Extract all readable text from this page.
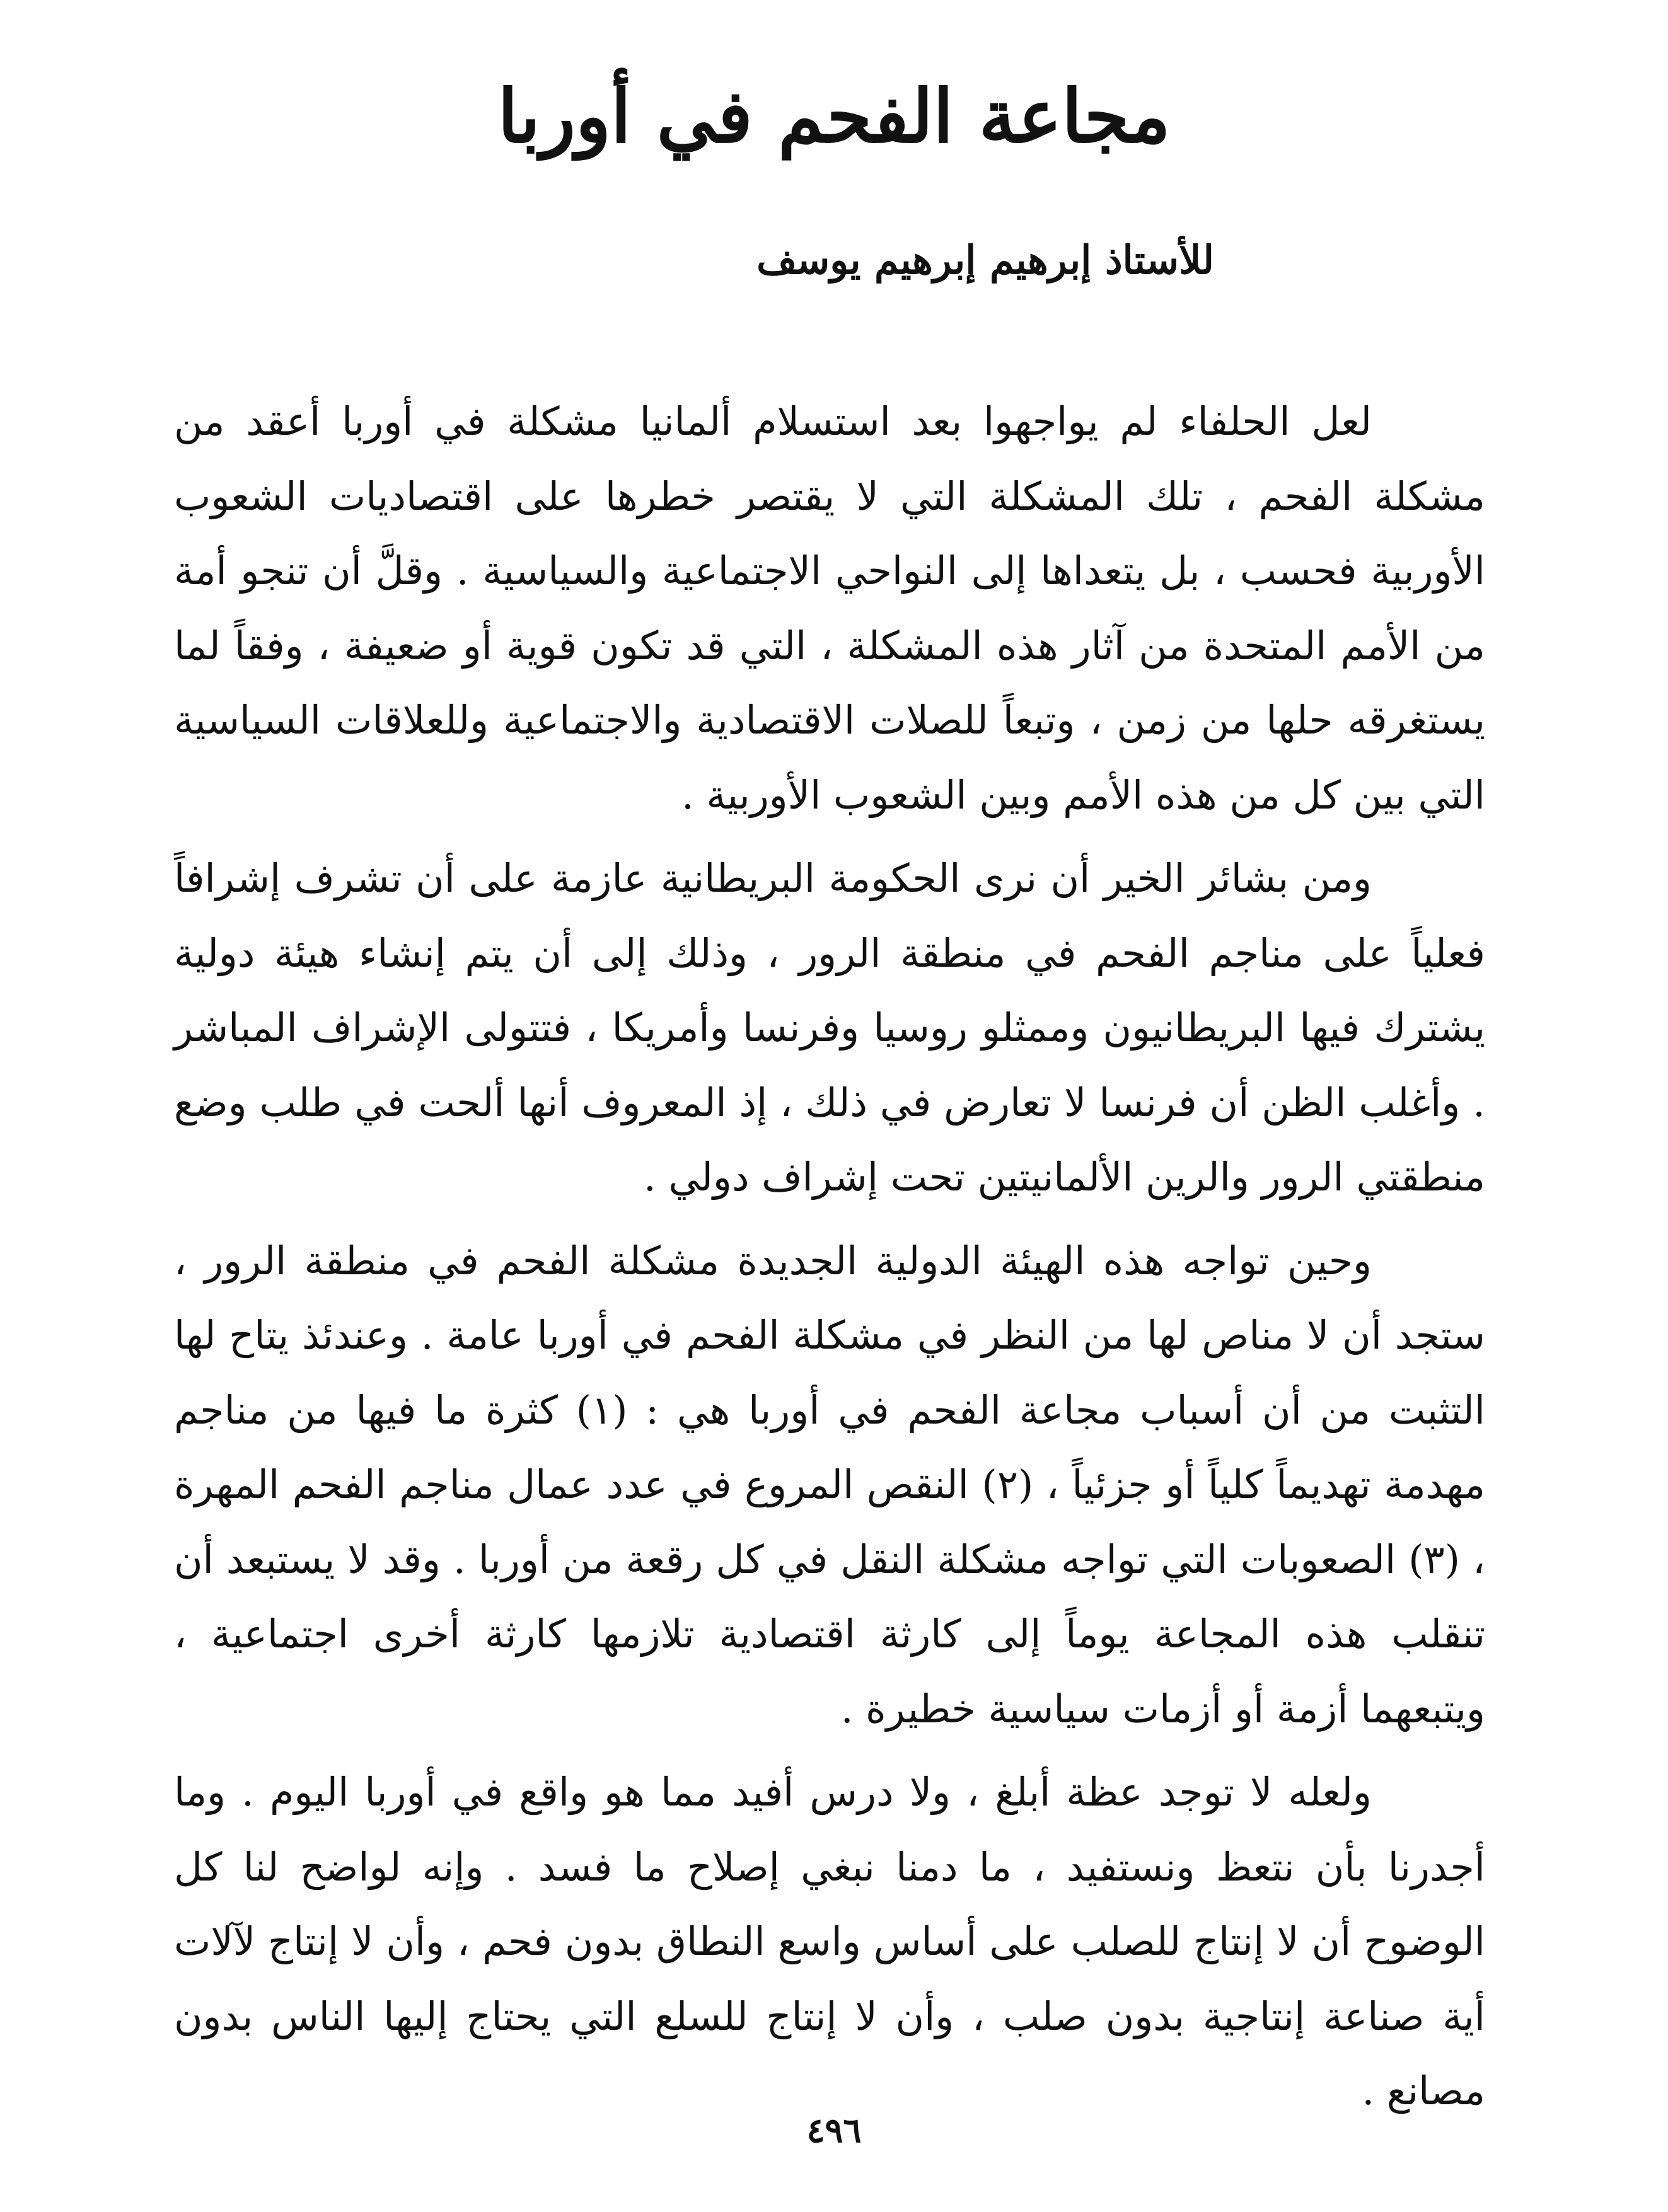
مجاعة الفحم في أوربا
للأستاذ إبرهيم إبرهيم يوسف

لعل الحلفاء لم يواجهوا بعد استسلام ألمانيا مشكلة في أوربا أعقد من مشكلة الفحم ، تلك المشكلة التي لا يقتصر خطرها على اقتصاديات الشعوب الأوربية فحسب ، بل يتعداها إلى النواحي الاجتماعية والسياسية . وقلَّ أن تنجو أمة من الأمم المتحدة من آثار هذه المشكلة ، التي قد تكون قوية أو ضعيفة ، وفقاً لما يستغرقه حلها من زمن ، وتبعاً للصلات الاقتصادية والاجتماعية وللعلاقات السياسية التي بين كل من هذه الأمم وبين الشعوب الأوربية .

ومن بشائر الخير أن نرى الحكومة البريطانية عازمة على أن تشرف إشرافاً فعلياً على مناجم الفحم في منطقة الرور ، وذلك إلى أن يتم إنشاء هيئة دولية يشترك فيها البريطانيون وممثلو روسيا وفرنسا وأمريكا ، فتتولى الإشراف المباشر . وأغلب الظن أن فرنسا لا تعارض في ذلك ، إذ المعروف أنها ألحت في طلب وضع منطقتي الرور والرين الألمانيتين تحت إشراف دولي .

وحين تواجه هذه الهيئة الدولية الجديدة مشكلة الفحم في منطقة الرور ، ستجد أن لا مناص لها من النظر في مشكلة الفحم في أوربا عامة . وعندئذ يتاح لها التثبت من أن أسباب مجاعة الفحم في أوربا هي : (١) كثرة ما فيها من مناجم مهدمة تهديماً كلياً أو جزئياً ، (٢) النقص المروع في عدد عمال مناجم الفحم المهرة ، (٣) الصعوبات التي تواجه مشكلة النقل في كل رقعة من أوربا . وقد لا يستبعد أن تنقلب هذه المجاعة يوماً إلى كارثة اقتصادية تلازمها كارثة أخرى اجتماعية ، ويتبعهما أزمة أو أزمات سياسية خطيرة .

ولعله لا توجد عظة أبلغ ، ولا درس أفيد مما هو واقع في أوربا اليوم . وما أجدرنا بأن نتعظ ونستفيد ، ما دمنا نبغي إصلاح ما فسد . وإنه لواضح لنا كل الوضوح أن لا إنتاج للصلب على أساس واسع النطاق بدون فحم ، وأن لا إنتاج لآلات أية صناعة إنتاجية بدون صلب ، وأن لا إنتاج للسلع التي يحتاج إليها الناس بدون مصانع .

٤٩٦
